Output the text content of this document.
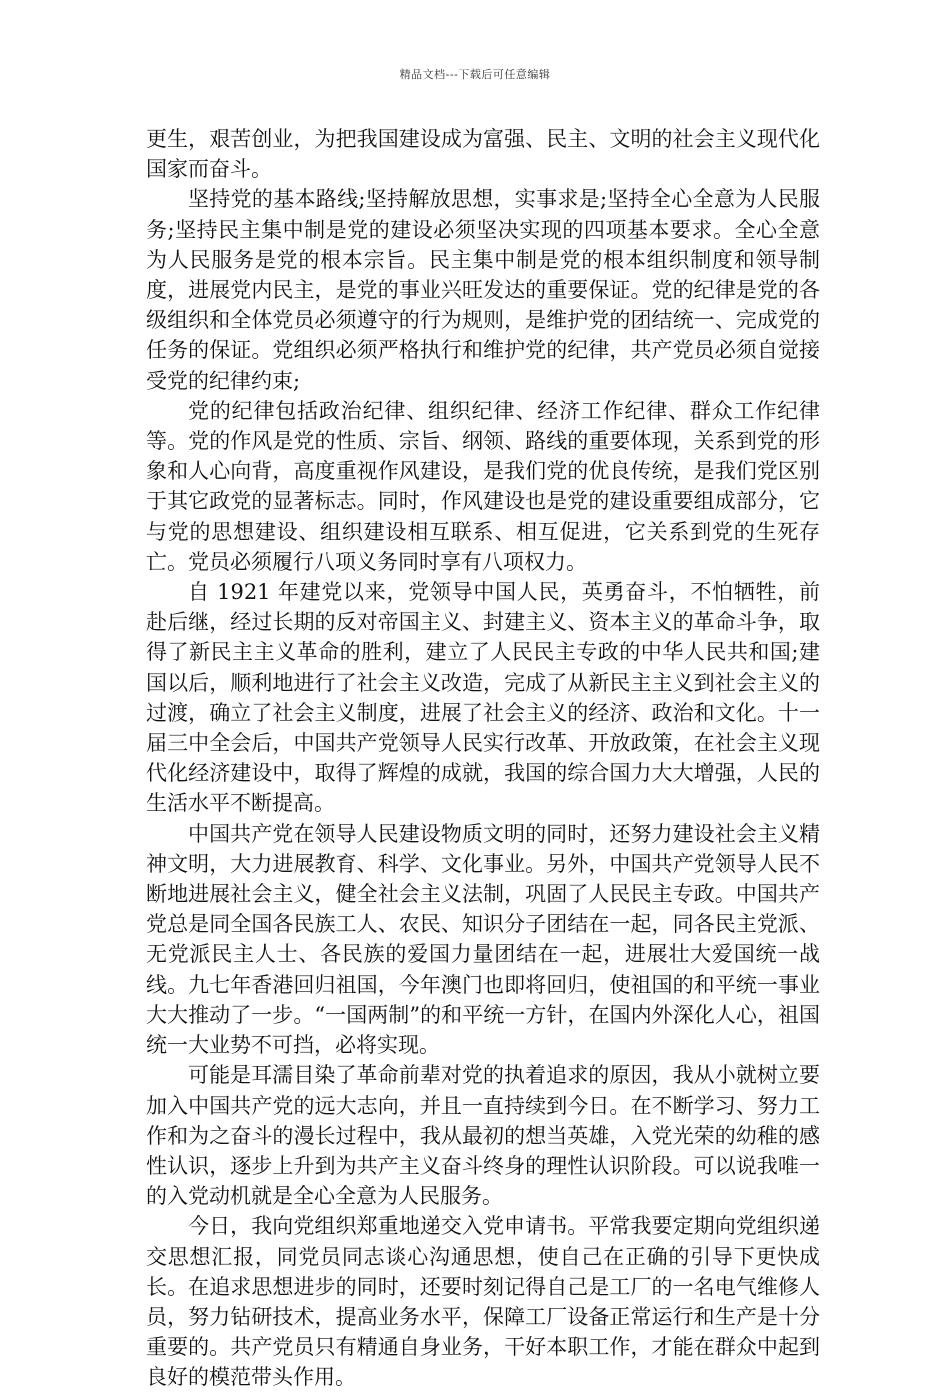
精品文档---下载后可任意编辑

更生，艰苦创业，为把我国建设成为富强、民主、文明的社会主义现代化国家而奋斗。

坚持党的基本路线;坚持解放思想，实事求是;坚持全心全意为人民服务;坚持民主集中制是党的建设必须坚决实现的四项基本要求。全心全意为人民服务是党的根本宗旨。民主集中制是党的根本组织制度和领导制度，进展党内民主，是党的事业兴旺发达的重要保证。党的纪律是党的各级组织和全体党员必须遵守的行为规则，是维护党的团结统一、完成党的任务的保证。党组织必须严格执行和维护党的纪律，共产党员必须自觉接受党的纪律约束;

党的纪律包括政治纪律、组织纪律、经济工作纪律、群众工作纪律等。党的作风是党的性质、宗旨、纲领、路线的重要体现，关系到党的形象和人心向背，高度重视作风建设，是我们党的优良传统，是我们党区别于其它政党的显著标志。同时，作风建设也是党的建设重要组成部分，它与党的思想建设、组织建设相互联系、相互促进，它关系到党的生死存亡。党员必须履行八项义务同时享有八项权力。

自 1921 年建党以来，党领导中国人民，英勇奋斗，不怕牺牲，前赴后继，经过长期的反对帝国主义、封建主义、资本主义的革命斗争，取得了新民主主义革命的胜利，建立了人民民主专政的中华人民共和国;建国以后，顺利地进行了社会主义改造，完成了从新民主主义到社会主义的过渡，确立了社会主义制度，进展了社会主义的经济、政治和文化。十一届三中全会后，中国共产党领导人民实行改革、开放政策，在社会主义现代化经济建设中，取得了辉煌的成就，我国的综合国力大大增强，人民的生活水平不断提高。

中国共产党在领导人民建设物质文明的同时，还努力建设社会主义精神文明，大力进展教育、科学、文化事业。另外，中国共产党领导人民不断地进展社会主义，健全社会主义法制，巩固了人民民主专政。中国共产党总是同全国各民族工人、农民、知识分子团结在一起，同各民主党派、无党派民主人士、各民族的爱国力量团结在一起，进展壮大爱国统一战线。九七年香港回归祖国，今年澳门也即将回归，使祖国的和平统一事业大大推动了一步。“一国两制”的和平统一方针，在国内外深化人心，祖国统一大业势不可挡，必将实现。

可能是耳濡目染了革命前辈对党的执着追求的原因，我从小就树立要加入中国共产党的远大志向，并且一直持续到今日。在不断学习、努力工作和为之奋斗的漫长过程中，我从最初的想当英雄，入党光荣的幼稚的感性认识，逐步上升到为共产主义奋斗终身的理性认识阶段。可以说我唯一的入党动机就是全心全意为人民服务。

今日，我向党组织郑重地递交入党申请书。平常我要定期向党组织递交思想汇报，同党员同志谈心沟通思想，使自己在正确的引导下更快成长。在追求思想进步的同时，还要时刻记得自己是工厂的一名电气维修人员，努力钻研技术，提高业务水平，保障工厂设备正常运行和生产是十分重要的。共产党员只有精通自身业务，干好本职工作，才能在群众中起到良好的模范带头作用。
